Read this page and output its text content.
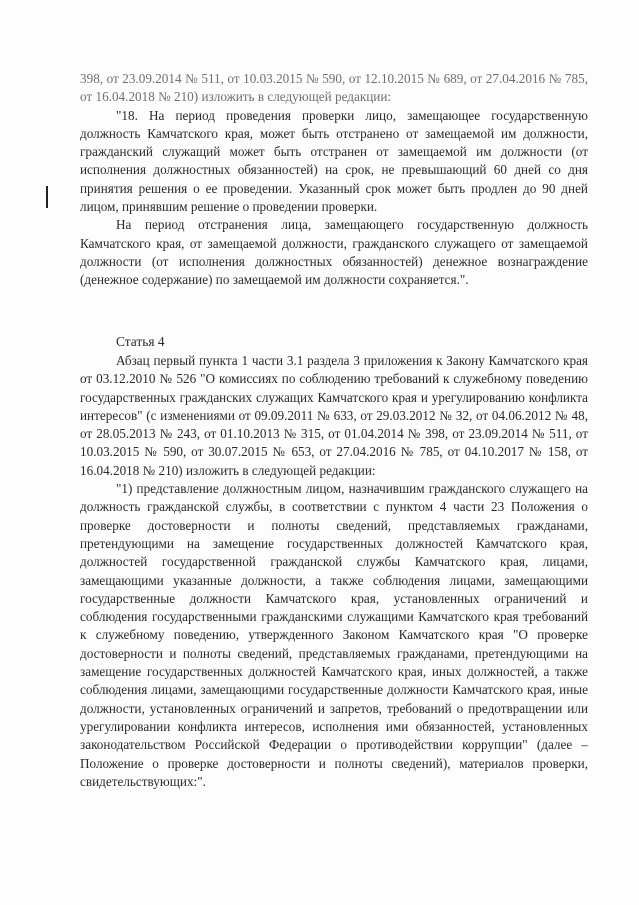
398, от 23.09.2014 № 511, от 10.03.2015 № 590, от 12.10.2015 № 689, от 27.04.2016 № 785, от 16.04.2018 № 210) изложить в следующей редакции:

"18. На период проведения проверки лицо, замещающее государственную должность Камчатского края, может быть отстранено от замещаемой им должности, гражданский служащий может быть отстранен от замещаемой им должности (от исполнения должностных обязанностей) на срок, не превышающий 60 дней со дня принятия решения о ее проведении. Указанный срок может быть продлен до 90 дней лицом, принявшим решение о проведении проверки.

На период отстранения лица, замещающего государственную должность Камчатского края, от замещаемой должности, гражданского служащего от замещаемой должности (от исполнения должностных обязанностей) денежное вознаграждение (денежное содержание) по замещаемой им должности сохраняется.".

Статья 4

Абзац первый пункта 1 части 3.1 раздела 3 приложения к Закону Камчатского края от 03.12.2010 № 526 "О комиссиях по соблюдению требований к служебному поведению государственных гражданских служащих Камчатского края и урегулированию конфликта интересов" (с изменениями от 09.09.2011 № 633, от 29.03.2012 № 32, от 04.06.2012 № 48, от 28.05.2013 № 243, от 01.10.2013 № 315, от 01.04.2014 № 398, от 23.09.2014 № 511, от 10.03.2015 № 590, от 30.07.2015 № 653, от 27.04.2016 № 785, от 04.10.2017 № 158, от 16.04.2018 № 210) изложить в следующей редакции:

"1) представление должностным лицом, назначившим гражданского служащего на должность гражданской службы, в соответствии с пунктом 4 части 23 Положения о проверке достоверности и полноты сведений, представляемых гражданами, претендующими на замещение государственных должностей Камчатского края, должностей государственной гражданской службы Камчатского края, лицами, замещающими указанные должности, а также соблюдения лицами, замещающими государственные должности Камчатского края, установленных ограничений и соблюдения государственными гражданскими служащими Камчатского края требований к служебному поведению, утвержденного Законом Камчатского края "О проверке достоверности и полноты сведений, представляемых гражданами, претендующими на замещение государственных должностей Камчатского края, иных должностей, а также соблюдения лицами, замещающими государственные должности Камчатского края, иные должности, установленных ограничений и запретов, требований о предотвращении или урегулировании конфликта интересов, исполнения ими обязанностей, установленных законодательством Российской Федерации о противодействии коррупции" (далее – Положение о проверке достоверности и полноты сведений), материалов проверки, свидетельствующих:".
